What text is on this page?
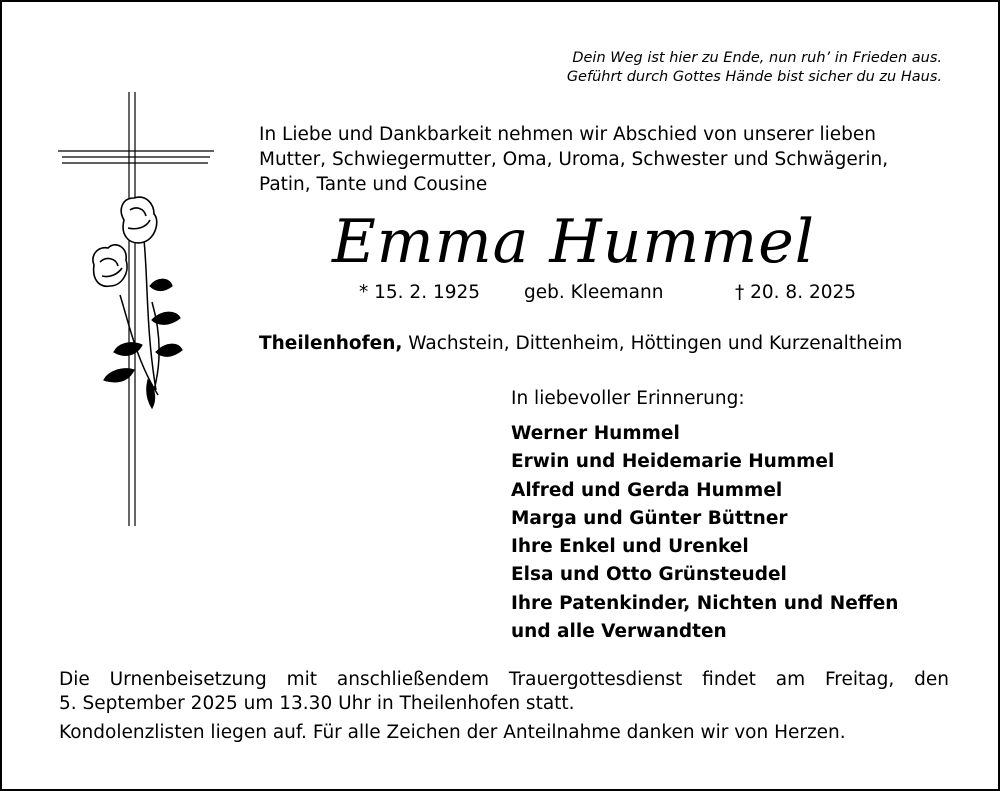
Dein Weg ist hier zu Ende, nun ruh’ in Frieden aus.
Geführt durch Gottes Hände bist sicher du zu Haus.
In Liebe und Dankbarkeit nehmen wir Abschied von unserer lieben
Mutter, Schwiegermutter, Oma, Uroma, Schwester und Schwägerin,
Patin, Tante und Cousine
Emma Hummel
* 15. 2. 1925 geb. Kleemann	† 20. 8. 2025
Theilenhofen, Wachstein, Dittenheim, Höttingen und Kurzenaltheim
In liebevoller Erinnerung:
Werner Hummel
Erwin und Heidemarie Hummel
Alfred und Gerda Hummel
Marga und Günter Büttner
Ihre Enkel und Urenkel
Elsa und Otto Grünsteudel
Ihre Patenkinder, Nichten und Neffen
und alle Verwandten
Die Urnenbeisetzung mit anschließendem Trauergottesdienst findet am Freitag, den
5. September 2025 um 13.30 Uhr in Theilenhofen statt.
Kondolenzlisten liegen auf. Für alle Zeichen der Anteilnahme danken wir von Herzen.
